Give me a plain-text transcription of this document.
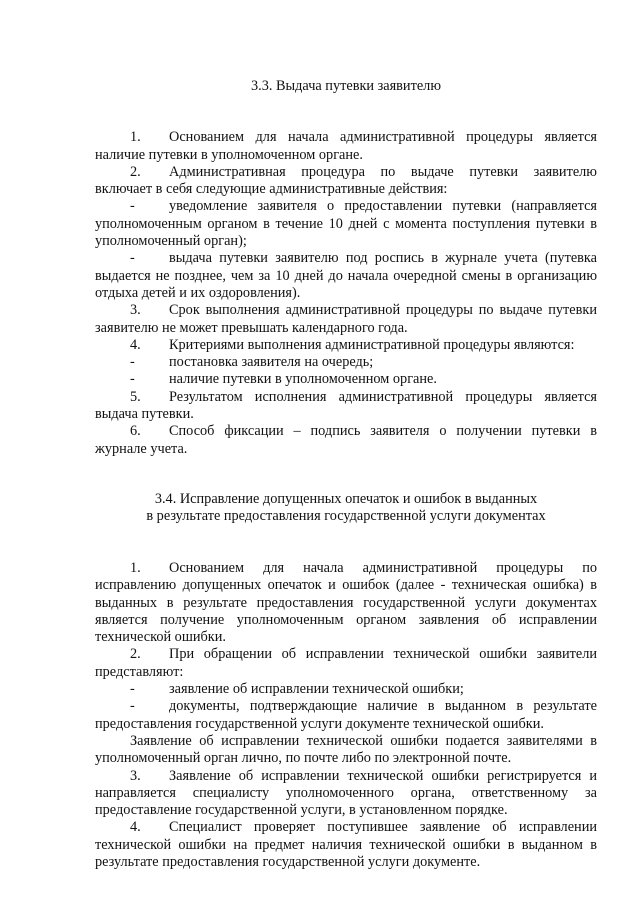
3.3. Выдача путевки заявителю

1. Основанием для начала административной процедуры является наличие путевки в уполномоченном органе.

2. Административная процедура по выдаче путевки заявителю включает в себя следующие административные действия:

- уведомление заявителя о предоставлении путевки (направляется уполномоченным органом в течение 10 дней с момента поступления путевки в уполномоченный орган);

- выдача путевки заявителю под роспись в журнале учета (путевка выдается не позднее, чем за 10 дней до начала очередной смены в организацию отдыха детей и их оздоровления).

3. Срок выполнения административной процедуры по выдаче путевки заявителю не может превышать календарного года.

4. Критериями выполнения административной процедуры являются:

- постановка заявителя на очередь;

- наличие путевки в уполномоченном органе.

5. Результатом исполнения административной процедуры является выдача путевки.

6. Способ фиксации – подпись заявителя о получении путевки в журнале учета.

3.4. Исправление допущенных опечаток и ошибок в выданных

в результате предоставления государственной услуги документах

1. Основанием для начала административной процедуры по исправлению допущенных опечаток и ошибок (далее - техническая ошибка) в выданных в результате предоставления государственной услуги документах является получение уполномоченным органом заявления об исправлении технической ошибки.

2. При обращении об исправлении технической ошибки заявители представляют:

- заявление об исправлении технической ошибки;

- документы, подтверждающие наличие в выданном в результате предоставления государственной услуги документе технической ошибки.

Заявление об исправлении технической ошибки подается заявителями в уполномоченный орган лично, по почте либо по электронной почте.

3. Заявление об исправлении технической ошибки регистрируется и направляется специалисту уполномоченного органа, ответственному за предоставление государственной услуги, в установленном порядке.

4. Специалист проверяет поступившее заявление об исправлении технической ошибки на предмет наличия технической ошибки в выданном в результате предоставления государственной услуги документе.
